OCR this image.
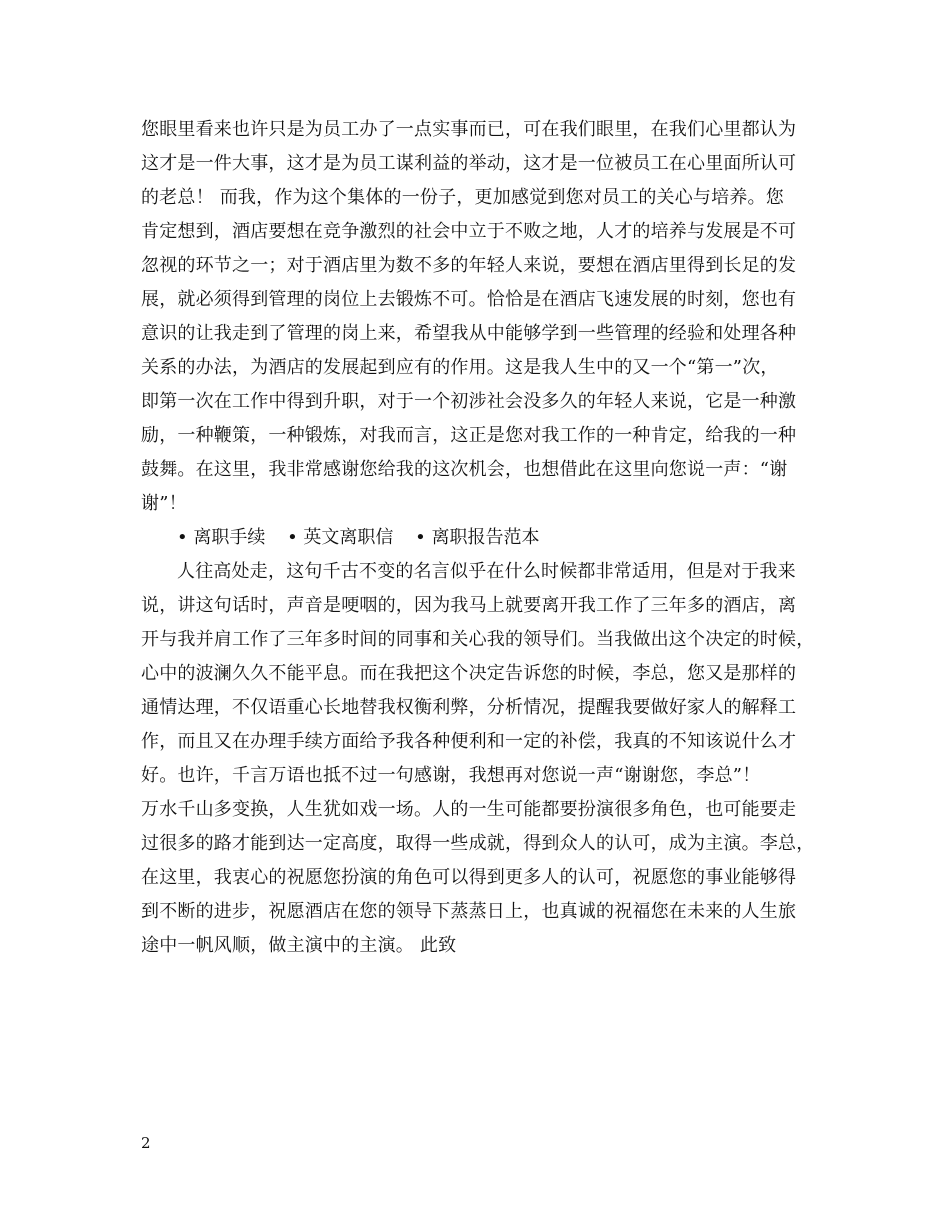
您眼里看来也许只是为员工办了一点实事而已，可在我们眼里，在我们心里都认为
这才是一件大事，这才是为员工谋利益的举动，这才是一位被员工在心里面所认可
的老总！ 而我，作为这个集体的一份子，更加感觉到您对员工的关心与培养。您
肯定想到，酒店要想在竞争激烈的社会中立于不败之地，人才的培养与发展是不可
忽视的环节之一；对于酒店里为数不多的年轻人来说，要想在酒店里得到长足的发
展，就必须得到管理的岗位上去锻炼不可。恰恰是在酒店飞速发展的时刻，您也有
意识的让我走到了管理的岗上来，希望我从中能够学到一些管理的经验和处理各种
关系的办法，为酒店的发展起到应有的作用。这是我人生中的又一个“第一”次，
即第一次在工作中得到升职，对于一个初涉社会没多久的年轻人来说，它是一种激
励，一种鞭策，一种锻炼，对我而言，这正是您对我工作的一种肯定，给我的一种
鼓舞。在这里，我非常感谢您给我的这次机会，也想借此在这里向您说一声：“谢
谢”！
• 离职手续 • 英文离职信 • 离职报告范本
人往高处走，这句千古不变的名言似乎在什么时候都非常适用，但是对于我来
说，讲这句话时，声音是哽咽的，因为我马上就要离开我工作了三年多的酒店，离
开与我并肩工作了三年多时间的同事和关心我的领导们。当我做出这个决定的时候，
心中的波澜久久不能平息。而在我把这个决定告诉您的时候，李总，您又是那样的
通情达理，不仅语重心长地替我权衡利弊，分析情况，提醒我要做好家人的解释工
作，而且又在办理手续方面给予我各种便利和一定的补偿，我真的不知该说什么才
好。也许，千言万语也抵不过一句感谢，我想再对您说一声“谢谢您，李总”！
万水千山多变换，人生犹如戏一场。人的一生可能都要扮演很多角色，也可能要走
过很多的路才能到达一定高度，取得一些成就，得到众人的认可，成为主演。李总，
在这里，我衷心的祝愿您扮演的角色可以得到更多人的认可，祝愿您的事业能够得
到不断的进步，祝愿酒店在您的领导下蒸蒸日上，也真诚的祝福您在未来的人生旅
途中一帆风顺，做主演中的主演。 此致
2
